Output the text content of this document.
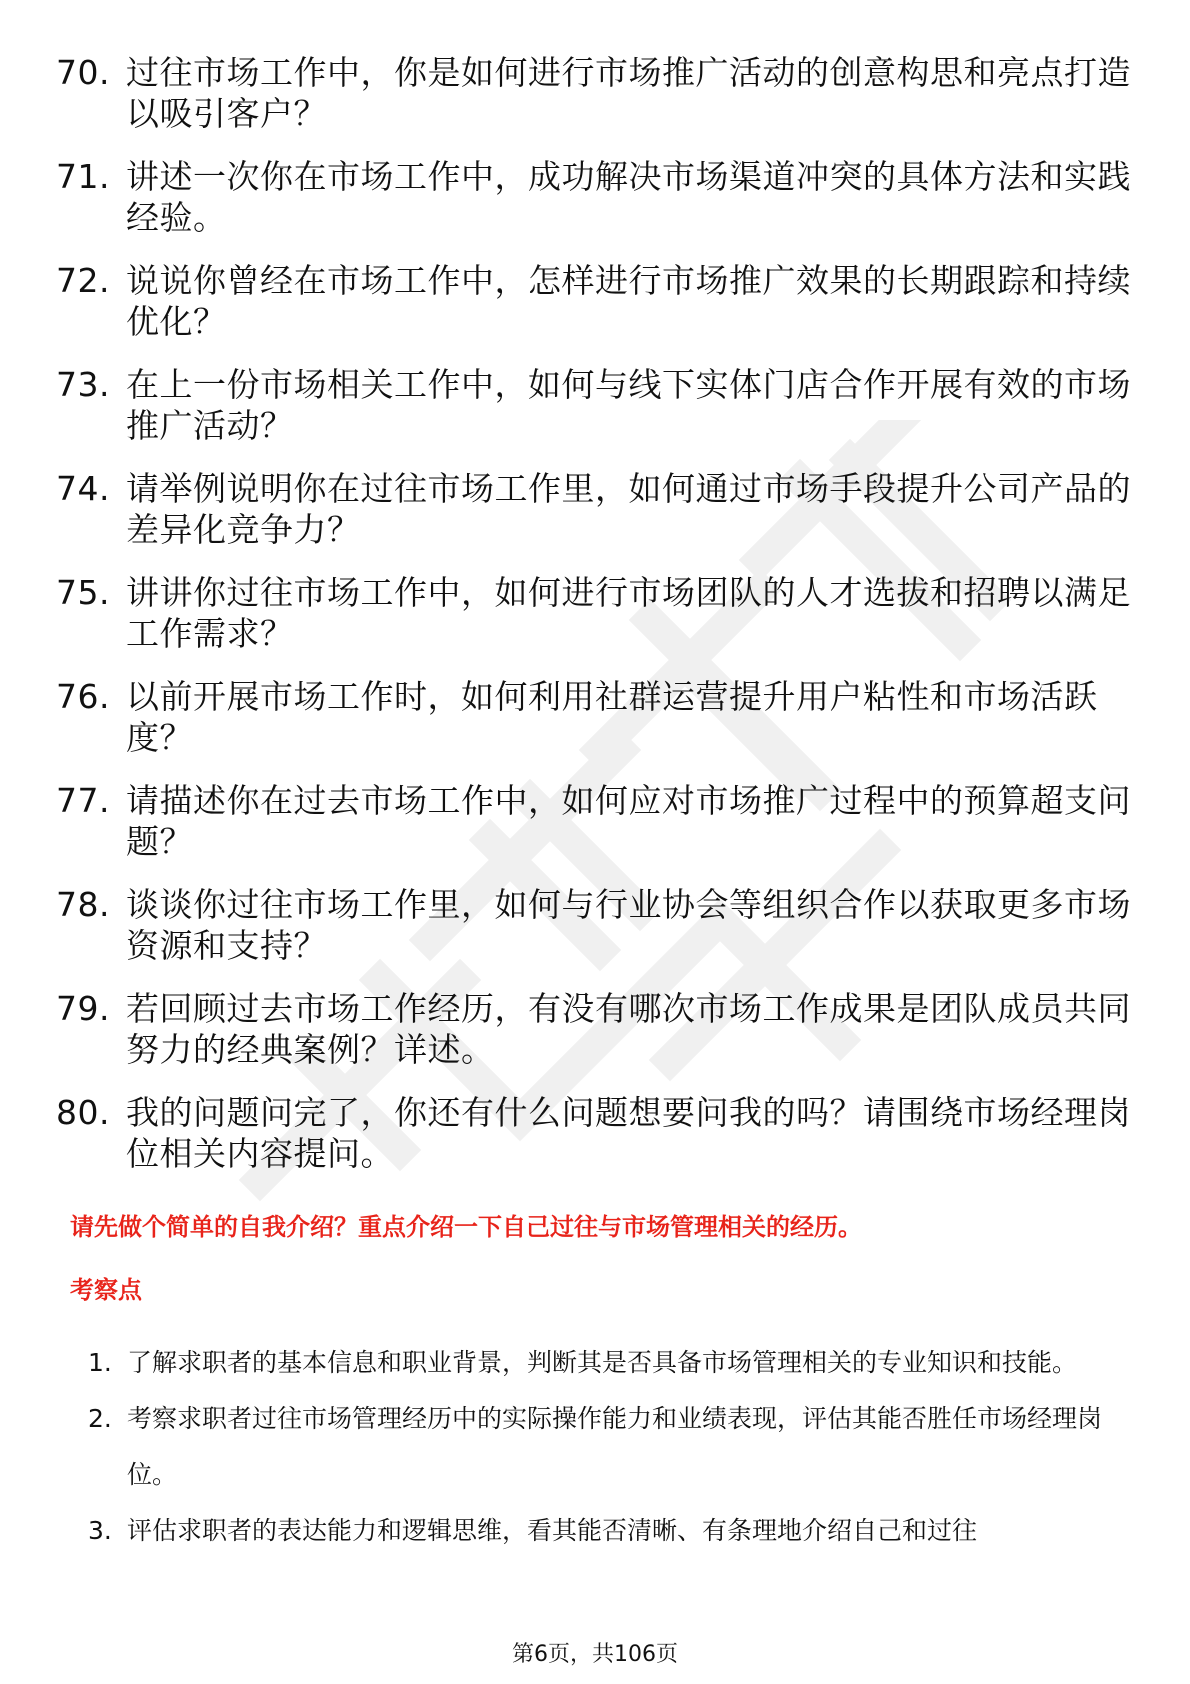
70. 过往市场工作中，你是如何进行市场推广活动的创意构思和亮点打造以吸引客户？
71. 讲述一次你在市场工作中，成功解决市场渠道冲突的具体方法和实践经验。
72. 说说你曾经在市场工作中，怎样进行市场推广效果的长期跟踪和持续优化？
73. 在上一份市场相关工作中，如何与线下实体门店合作开展有效的市场推广活动？
74. 请举例说明你在过往市场工作里，如何通过市场手段提升公司产品的差异化竞争力？
75. 讲讲你过往市场工作中，如何进行市场团队的人才选拔和招聘以满足工作需求？
76. 以前开展市场工作时，如何利用社群运营提升用户粘性和市场活跃度？
77. 请描述你在过去市场工作中，如何应对市场推广过程中的预算超支问题？
78. 谈谈你过往市场工作里，如何与行业协会等组织合作以获取更多市场资源和支持？
79. 若回顾过去市场工作经历，有没有哪次市场工作成果是团队成员共同努力的经典案例？详述。
80. 我的问题问完了，你还有什么问题想要问我的吗？请围绕市场经理岗位相关内容提问。

请先做个简单的自我介绍？重点介绍一下自己过往与市场管理相关的经历。

考察点

1. 了解求职者的基本信息和职业背景，判断其是否具备市场管理相关的专业知识和技能。
2. 考察求职者过往市场管理经历中的实际操作能力和业绩表现，评估其能否胜任市场经理岗位。
3. 评估求职者的表达能力和逻辑思维，看其能否清晰、有条理地介绍自己和过往
第6页，共106页
